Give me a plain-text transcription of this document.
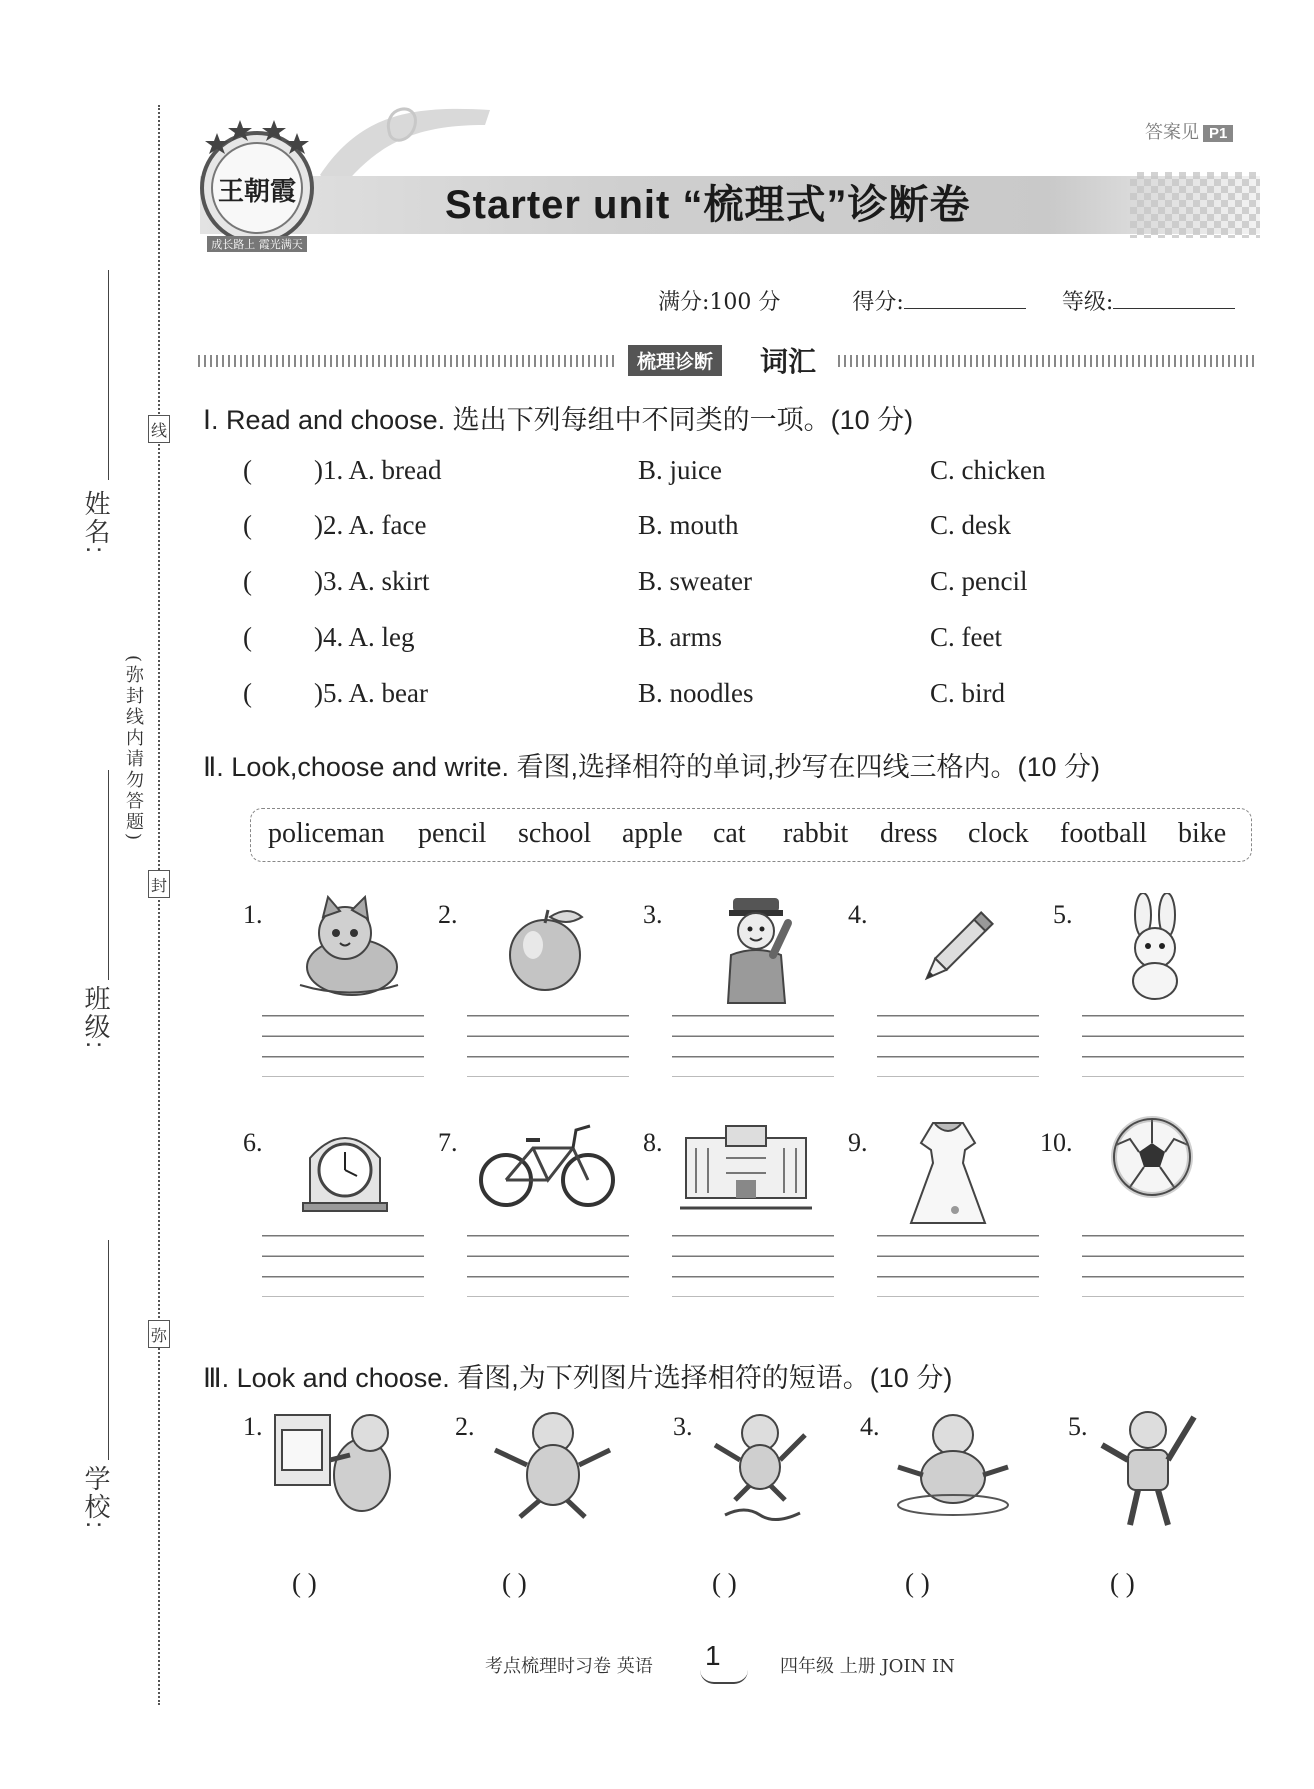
姓名:
班级:
学校:
线
封
弥
(弥封线内请勿答题)
答案见 P1
成长路上 霞光满天
王朝霞	Starter unit “梳理式”诊断卷
满分:100 分	得分:	等级:
梳理诊断	词汇
Ⅰ. Read and choose. 选出下列每组中不同类的一项。(10 分)
( )1. A. bread	B. juice	C. chicken
( )2. A. face	B. mouth	C. desk
( )3. A. skirt	B. sweater	C. pencil
( )4. A. leg	B. arms	C. feet
( )5. A. bear	B. noodles	C. bird
Ⅱ. Look,choose and write. 看图,选择相符的单词,抄写在四线三格内。(10 分)
policeman pencil school apple cat rabbit dress clock football bike
1.	2.	3.	4.	5.
6.	7.	8.	9.	10.
Ⅲ. Look and choose. 看图,为下列图片选择相符的短语。(10 分)
1.	2.	3.	4.	5.
( )	( )	( )	( )	( )
考点梳理时习卷 英语 1	四年级 上册 JOIN IN
